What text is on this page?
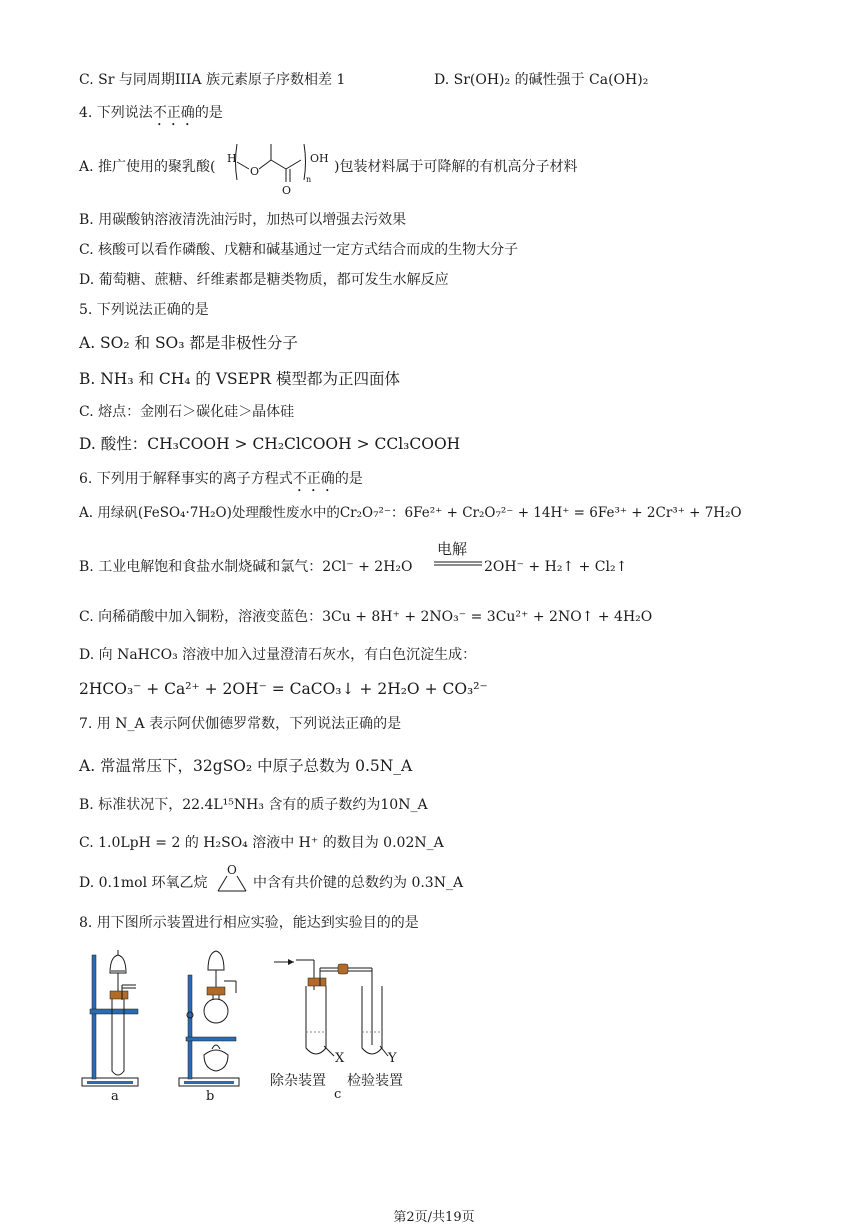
C. Sr 与同周期IIIA 族元素原子序数相差 1	D. Sr(OH)₂ 的碱性强于 Ca(OH)₂
4. 下列说法不正确的是
A. 推广使用的聚乳酸(
H
O
O
n
OH
)包装材料属于可降解的有机高分子材料
B. 用碳酸钠溶液清洗油污时，加热可以增强去污效果
C. 核酸可以看作磷酸、戊糖和碱基通过一定方式结合而成的生物大分子
D. 葡萄糖、蔗糖、纤维素都是糖类物质，都可发生水解反应
5. 下列说法正确的是
A. SO₂ 和 SO₃ 都是非极性分子
B. NH₃ 和 CH₄ 的 VSEPR 模型都为正四面体
C. 熔点：金刚石＞碳化硅＞晶体硅
D. 酸性：CH₃COOH > CH₂ClCOOH > CCl₃COOH
6. 下列用于解释事实的离子方程式不正确的是
A. 用绿矾(FeSO₄·7H₂O)处理酸性废水中的Cr₂O₇²⁻：6Fe²⁺ + Cr₂O₇²⁻ + 14H⁺ = 6Fe³⁺ + 2Cr³⁺ + 7H₂O
B. 工业电解饱和食盐水制烧碱和氯气：2Cl⁻ + 2H₂O
电解
2OH⁻ + H₂↑ + Cl₂↑
C. 向稀硝酸中加入铜粉，溶液变蓝色：3Cu + 8H⁺ + 2NO₃⁻ = 3Cu²⁺ + 2NO↑ + 4H₂O
D. 向 NaHCO₃ 溶液中加入过量澄清石灰水，有白色沉淀生成：
2HCO₃⁻ + Ca²⁺ + 2OH⁻ = CaCO₃↓ + 2H₂O + CO₃²⁻
7. 用 N_A 表示阿伏伽德罗常数，下列说法正确的是
A. 常温常压下，32gSO₂ 中原子总数为 0.5N_A
B. 标准状况下，22.4L¹⁵NH₃ 含有的质子数约为10N_A
C. 1.0LpH = 2 的 H₂SO₄ 溶液中 H⁺ 的数目为 0.02N_A
D. 0.1mol 环氧乙烷
O
中含有共价键的总数约为 0.3N_A
8. 用下图所示装置进行相应实验，能达到实验目的的是
a	b
X	Y
c
除杂装置 检验装置
第2页/共19页
